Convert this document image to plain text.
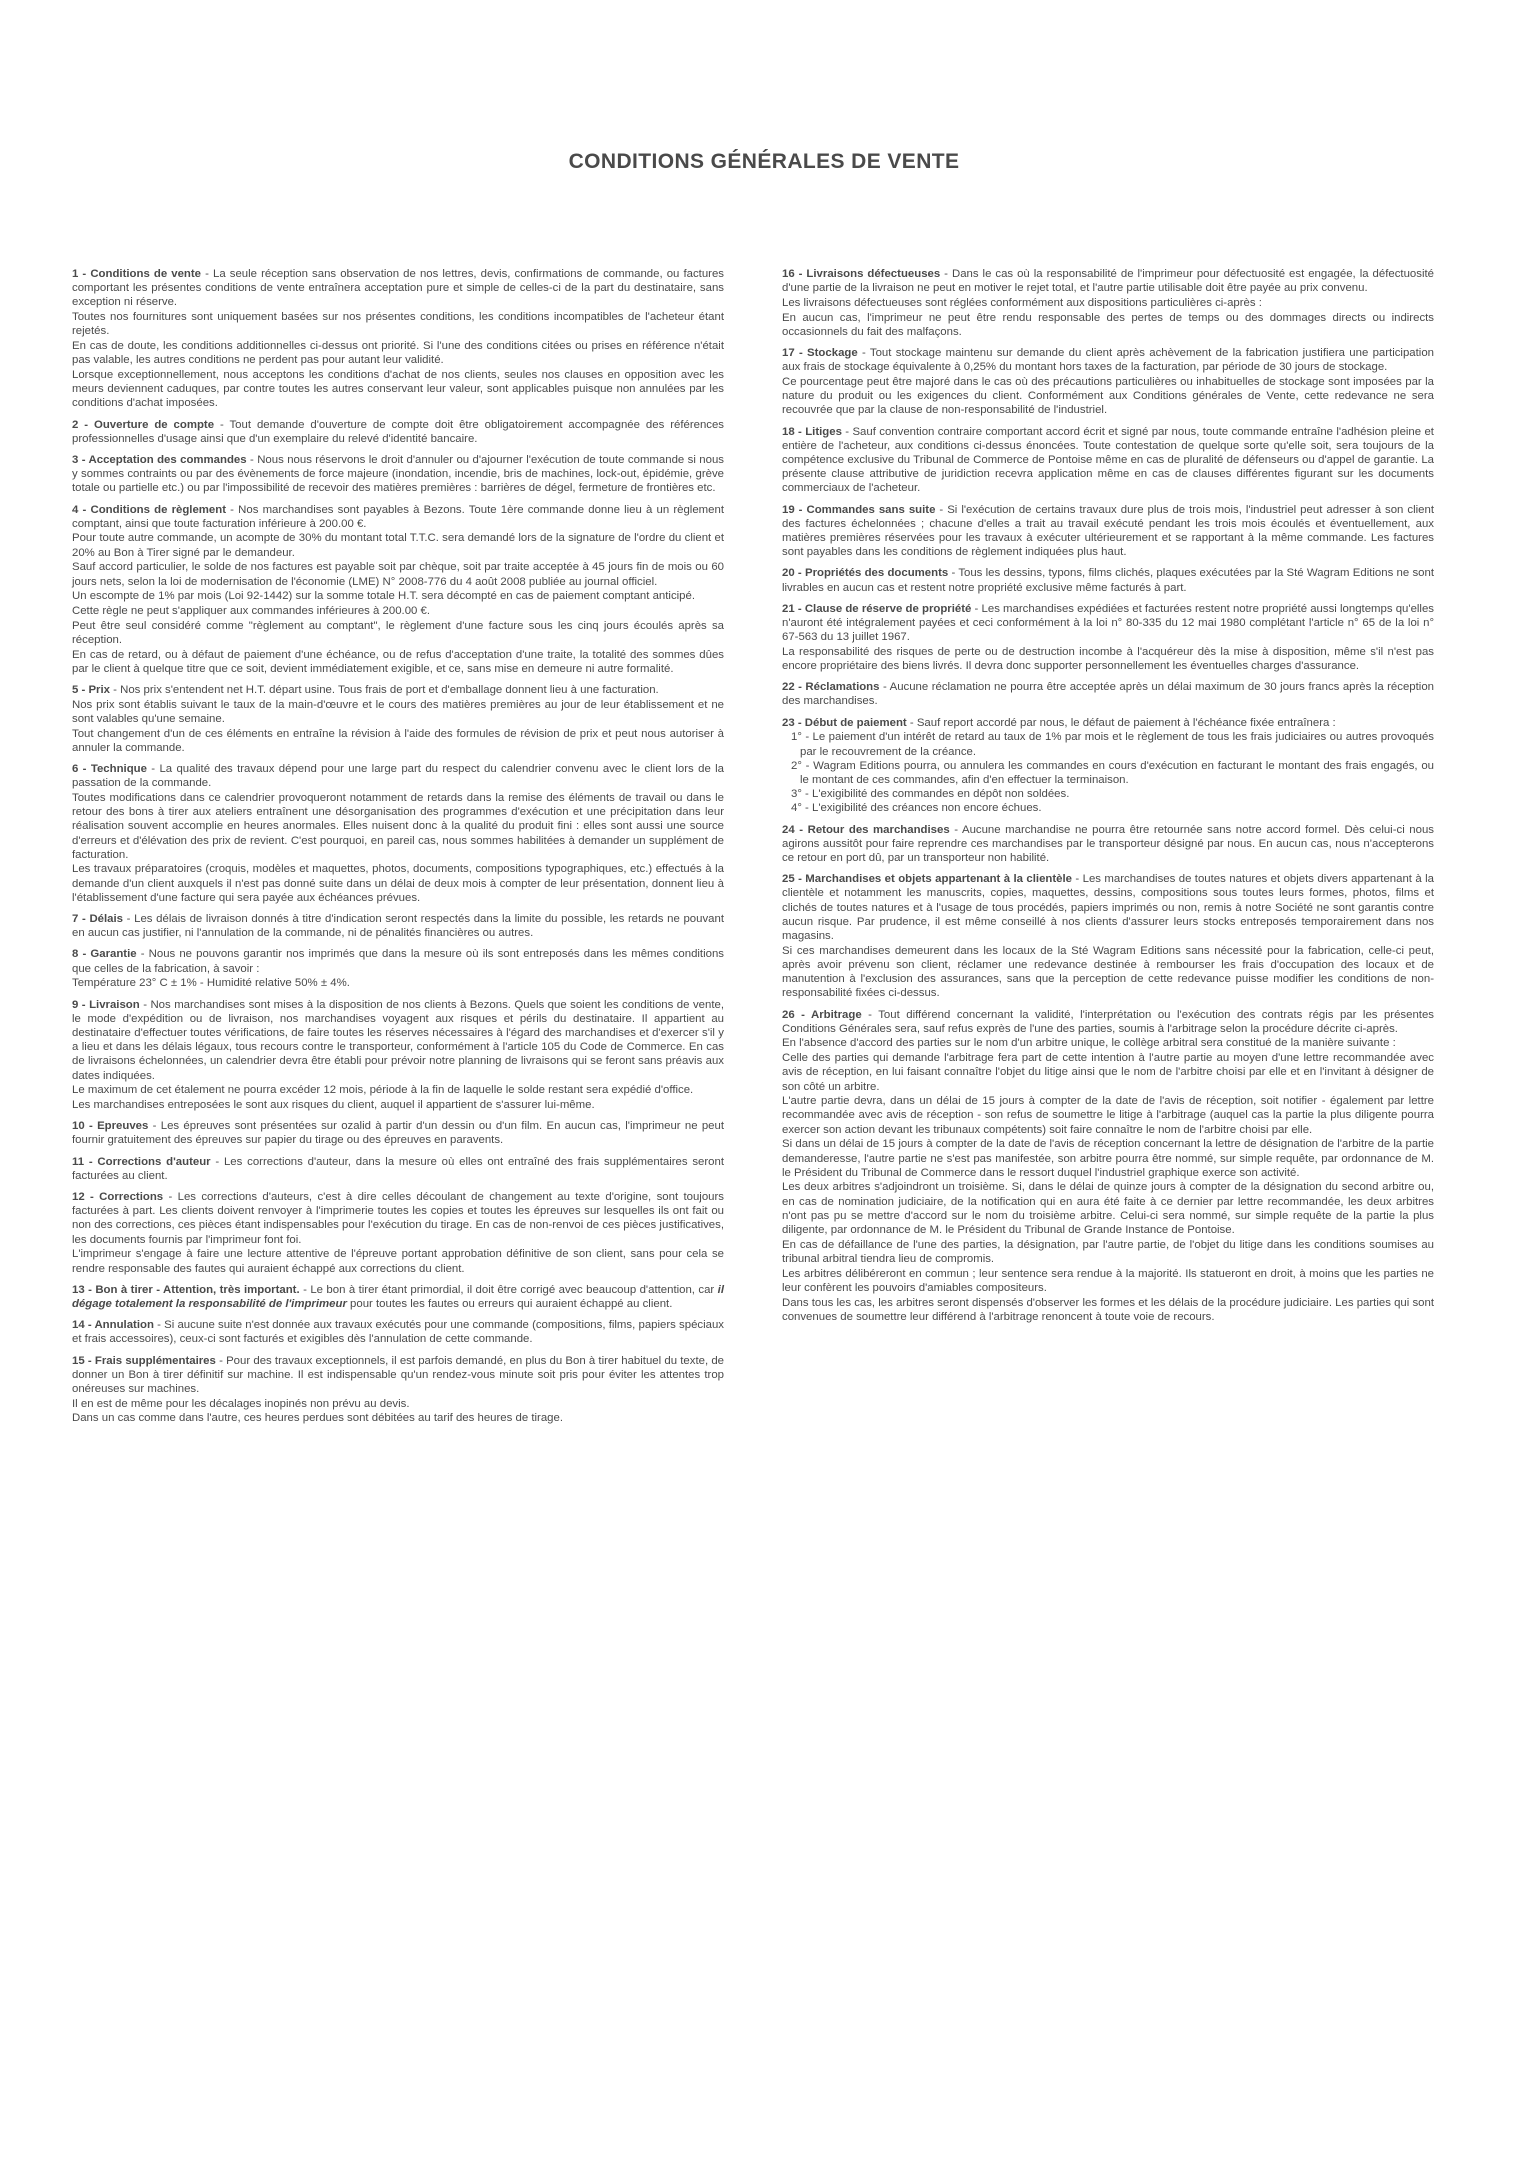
CONDITIONS GÉNÉRALES DE VENTE

1 - Conditions de vente - La seule réception sans observation de nos lettres, devis, confirmations de commande, ou factures comportant les présentes conditions de vente entraînera acceptation pure et simple de celles-ci de la part du destinataire, sans exception ni réserve.

Toutes nos fournitures sont uniquement basées sur nos présentes conditions, les conditions incompatibles de l'acheteur étant rejetés.

En cas de doute, les conditions additionnelles ci-dessus ont priorité. Si l'une des conditions citées ou prises en référence n'était pas valable, les autres conditions ne perdent pas pour autant leur validité.

Lorsque exceptionnellement, nous acceptons les conditions d'achat de nos clients, seules nos clauses en opposition avec les meurs deviennent caduques, par contre toutes les autres conservant leur valeur, sont applicables puisque non annulées par les conditions d'achat imposées.

2 - Ouverture de compte - Tout demande d'ouverture de compte doit être obligatoirement accompagnée des références professionnelles d'usage ainsi que d'un exemplaire du relevé d'identité bancaire.

3 - Acceptation des commandes - Nous nous réservons le droit d'annuler ou d'ajourner l'exécution de toute commande si nous y sommes contraints ou par des évènements de force majeure (inondation, incendie, bris de machines, lock-out, épidémie, grève totale ou partielle etc.) ou par l'impossibilité de recevoir des matières premières : barrières de dégel, fermeture de frontières etc.

4 - Conditions de règlement - Nos marchandises sont payables à Bezons. Toute 1ère commande donne lieu à un règlement comptant, ainsi que toute facturation inférieure à 200.00 €.

Pour toute autre commande, un acompte de 30% du montant total T.T.C. sera demandé lors de la signature de l'ordre du client et 20% au Bon à Tirer signé par le demandeur.

Sauf accord particulier, le solde de nos factures est payable soit par chèque, soit par traite acceptée à 45 jours fin de mois ou 60 jours nets, selon la loi de modernisation de l'économie (LME) N° 2008-776 du 4 août 2008 publiée au journal officiel.

Un escompte de 1% par mois (Loi 92-1442) sur la somme totale H.T. sera décompté en cas de paiement comptant anticipé.

Cette règle ne peut s'appliquer aux commandes inférieures à 200.00 €.

Peut être seul considéré comme "règlement au comptant", le règlement d'une facture sous les cinq jours écoulés après sa réception.

En cas de retard, ou à défaut de paiement d'une échéance, ou de refus d'acceptation d'une traite, la totalité des sommes dûes par le client à quelque titre que ce soit, devient immédiatement exigible, et ce, sans mise en demeure ni autre formalité.

5 - Prix - Nos prix s'entendent net H.T. départ usine. Tous frais de port et d'emballage donnent lieu à une facturation.

Nos prix sont établis suivant le taux de la main-d'œuvre et le cours des matières premières au jour de leur établissement et ne sont valables qu'une semaine.

Tout changement d'un de ces éléments en entraîne la révision à l'aide des formules de révision de prix et peut nous autoriser à annuler la commande.

6 - Technique - La qualité des travaux dépend pour une large part du respect du calendrier convenu avec le client lors de la passation de la commande.

Toutes modifications dans ce calendrier provoqueront notamment de retards dans la remise des éléments de travail ou dans le retour des bons à tirer aux ateliers entraînent une désorganisation des programmes d'exécution et une précipitation dans leur réalisation souvent accomplie en heures anormales. Elles nuisent donc à la qualité du produit fini : elles sont aussi une source d'erreurs et d'élévation des prix de revient. C'est pourquoi, en pareil cas, nous sommes habilitées à demander un supplément de facturation.

Les travaux préparatoires (croquis, modèles et maquettes, photos, documents, compositions typographiques, etc.) effectués à la demande d'un client auxquels il n'est pas donné suite dans un délai de deux mois à compter de leur présentation, donnent lieu à l'établissement d'une facture qui sera payée aux échéances prévues.

7 - Délais - Les délais de livraison donnés à titre d'indication seront respectés dans la limite du possible, les retards ne pouvant en aucun cas justifier, ni l'annulation de la commande, ni de pénalités financières ou autres.

8 - Garantie - Nous ne pouvons garantir nos imprimés que dans la mesure où ils sont entreposés dans les mêmes conditions que celles de la fabrication, à savoir :

Température 23° C ± 1% - Humidité relative 50% ± 4%.

9 - Livraison - Nos marchandises sont mises à la disposition de nos clients à Bezons. Quels que soient les conditions de vente, le mode d'expédition ou de livraison, nos marchandises voyagent aux risques et périls du destinataire. Il appartient au destinataire d'effectuer toutes vérifications, de faire toutes les réserves nécessaires à l'égard des marchandises et d'exercer s'il y a lieu et dans les délais légaux, tous recours contre le transporteur, conformément à l'article 105 du Code de Commerce. En cas de livraisons échelonnées, un calendrier devra être établi pour prévoir notre planning de livraisons qui se feront sans préavis aux dates indiquées.

Le maximum de cet étalement ne pourra excéder 12 mois, période à la fin de laquelle le solde restant sera expédié d'office.

Les marchandises entreposées le sont aux risques du client, auquel il appartient de s'assurer lui-même.

10 - Epreuves - Les épreuves sont présentées sur ozalid à partir d'un dessin ou d'un film. En aucun cas, l'imprimeur ne peut fournir gratuitement des épreuves sur papier du tirage ou des épreuves en paravents.

11 - Corrections d'auteur - Les corrections d'auteur, dans la mesure où elles ont entraîné des frais supplémentaires seront facturées au client.

12 - Corrections - Les corrections d'auteurs, c'est à dire celles découlant de changement au texte d'origine, sont toujours facturées à part. Les clients doivent renvoyer à l'imprimerie toutes les copies et toutes les épreuves sur lesquelles ils ont fait ou non des corrections, ces pièces étant indispensables pour l'exécution du tirage. En cas de non-renvoi de ces pièces justificatives, les documents fournis par l'imprimeur font foi.

L'imprimeur s'engage à faire une lecture attentive de l'épreuve portant approbation définitive de son client, sans pour cela se rendre responsable des fautes qui auraient échappé aux corrections du client.

13 - Bon à tirer - Attention, très important. - Le bon à tirer étant primordial, il doit être corrigé avec beaucoup d'attention, car il dégage totalement la responsabilité de l'imprimeur pour toutes les fautes ou erreurs qui auraient échappé au client.

14 - Annulation - Si aucune suite n'est donnée aux travaux exécutés pour une commande (compositions, films, papiers spéciaux et frais accessoires), ceux-ci sont facturés et exigibles dès l'annulation de cette commande.

15 - Frais supplémentaires - Pour des travaux exceptionnels, il est parfois demandé, en plus du Bon à tirer habituel du texte, de donner un Bon à tirer définitif sur machine. Il est indispensable qu'un rendez-vous minute soit pris pour éviter les attentes trop onéreuses sur machines.

Il en est de même pour les décalages inopinés non prévu au devis.

Dans un cas comme dans l'autre, ces heures perdues sont débitées au tarif des heures de tirage.

16 - Livraisons défectueuses - Dans le cas où la responsabilité de l'imprimeur pour défectuosité est engagée, la défectuosité d'une partie de la livraison ne peut en motiver le rejet total, et l'autre partie utilisable doit être payée au prix convenu.

Les livraisons défectueuses sont réglées conformément aux dispositions particulières ci-après :

En aucun cas, l'imprimeur ne peut être rendu responsable des pertes de temps ou des dommages directs ou indirects occasionnels du fait des malfaçons.

17 - Stockage - Tout stockage maintenu sur demande du client après achèvement de la fabrication justifiera une participation aux frais de stockage équivalente à 0,25% du montant hors taxes de la facturation, par période de 30 jours de stockage.

Ce pourcentage peut être majoré dans le cas où des précautions particulières ou inhabituelles de stockage sont imposées par la nature du produit ou les exigences du client. Conformément aux Conditions générales de Vente, cette redevance ne sera recouvrée que par la clause de non-responsabilité de l'industriel.

18 - Litiges - Sauf convention contraire comportant accord écrit et signé par nous, toute commande entraîne l'adhésion pleine et entière de l'acheteur, aux conditions ci-dessus énoncées. Toute contestation de quelque sorte qu'elle soit, sera toujours de la compétence exclusive du Tribunal de Commerce de Pontoise même en cas de pluralité de défenseurs ou d'appel de garantie. La présente clause attributive de juridiction recevra application même en cas de clauses différentes figurant sur les documents commerciaux de l'acheteur.

19 - Commandes sans suite - Si l'exécution de certains travaux dure plus de trois mois, l'industriel peut adresser à son client des factures échelonnées ; chacune d'elles a trait au travail exécuté pendant les trois mois écoulés et éventuellement, aux matières premières réservées pour les travaux à exécuter ultérieurement et se rapportant à la même commande. Les factures sont payables dans les conditions de règlement indiquées plus haut.

20 - Propriétés des documents - Tous les dessins, typons, films clichés, plaques exécutées par la Sté Wagram Editions ne sont livrables en aucun cas et restent notre propriété exclusive même facturés à part.

21 - Clause de réserve de propriété - Les marchandises expédiées et facturées restent notre propriété aussi longtemps qu'elles n'auront été intégralement payées et ceci conformément à la loi n° 80-335 du 12 mai 1980 complétant l'article n° 65 de la loi n° 67-563 du 13 juillet 1967.

La responsabilité des risques de perte ou de destruction incombe à l'acquéreur dès la mise à disposition, même s'il n'est pas encore propriétaire des biens livrés. Il devra donc supporter personnellement les éventuelles charges d'assurance.

22 - Réclamations - Aucune réclamation ne pourra être acceptée après un délai maximum de 30 jours francs après la réception des marchandises.

23 - Début de paiement - Sauf report accordé par nous, le défaut de paiement à l'échéance fixée entraînera :

1° - Le paiement d'un intérêt de retard au taux de 1% par mois et le règlement de tous les frais judiciaires ou autres provoqués par le recouvrement de la créance.

2° - Wagram Editions pourra, ou annulera les commandes en cours d'exécution en facturant le montant des frais engagés, ou le montant de ces commandes, afin d'en effectuer la terminaison.

3° - L'exigibilité des commandes en dépôt non soldées.

4° - L'exigibilité des créances non encore échues.

24 - Retour des marchandises - Aucune marchandise ne pourra être retournée sans notre accord formel. Dès celui-ci nous agirons aussitôt pour faire reprendre ces marchandises par le transporteur désigné par nous. En aucun cas, nous n'accepterons ce retour en port dû, par un transporteur non habilité.

25 - Marchandises et objets appartenant à la clientèle - Les marchandises de toutes natures et objets divers appartenant à la clientèle et notamment les manuscrits, copies, maquettes, dessins, compositions sous toutes leurs formes, photos, films et clichés de toutes natures et à l'usage de tous procédés, papiers imprimés ou non, remis à notre Société ne sont garantis contre aucun risque. Par prudence, il est même conseillé à nos clients d'assurer leurs stocks entreposés temporairement dans nos magasins.

Si ces marchandises demeurent dans les locaux de la Sté Wagram Editions sans nécessité pour la fabrication, celle-ci peut, après avoir prévenu son client, réclamer une redevance destinée à rembourser les frais d'occupation des locaux et de manutention à l'exclusion des assurances, sans que la perception de cette redevance puisse modifier les conditions de non-responsabilité fixées ci-dessus.

26 - Arbitrage - Tout différend concernant la validité, l'interprétation ou l'exécution des contrats régis par les présentes Conditions Générales sera, sauf refus exprès de l'une des parties, soumis à l'arbitrage selon la procédure décrite ci-après.

En l'absence d'accord des parties sur le nom d'un arbitre unique, le collège arbitral sera constitué de la manière suivante :

Celle des parties qui demande l'arbitrage fera part de cette intention à l'autre partie au moyen d'une lettre recommandée avec avis de réception, en lui faisant connaître l'objet du litige ainsi que le nom de l'arbitre choisi par elle et en l'invitant à désigner de son côté un arbitre.

L'autre partie devra, dans un délai de 15 jours à compter de la date de l'avis de réception, soit notifier - également par lettre recommandée avec avis de réception - son refus de soumettre le litige à l'arbitrage (auquel cas la partie la plus diligente pourra exercer son action devant les tribunaux compétents) soit faire connaître le nom de l'arbitre choisi par elle.

Si dans un délai de 15 jours à compter de la date de l'avis de réception concernant la lettre de désignation de l'arbitre de la partie demanderesse, l'autre partie ne s'est pas manifestée, son arbitre pourra être nommé, sur simple requête, par ordonnance de M. le Président du Tribunal de Commerce dans le ressort duquel l'industriel graphique exerce son activité.

Les deux arbitres s'adjoindront un troisième. Si, dans le délai de quinze jours à compter de la désignation du second arbitre ou, en cas de nomination judiciaire, de la notification qui en aura été faite à ce dernier par lettre recommandée, les deux arbitres n'ont pas pu se mettre d'accord sur le nom du troisième arbitre. Celui-ci sera nommé, sur simple requête de la partie la plus diligente, par ordonnance de M. le Président du Tribunal de Grande Instance de Pontoise.

En cas de défaillance de l'une des parties, la désignation, par l'autre partie, de l'objet du litige dans les conditions soumises au tribunal arbitral tiendra lieu de compromis.

Les arbitres délibéreront en commun ; leur sentence sera rendue à la majorité. Ils statueront en droit, à moins que les parties ne leur confèrent les pouvoirs d'amiables compositeurs.

Dans tous les cas, les arbitres seront dispensés d'observer les formes et les délais de la procédure judiciaire. Les parties qui sont convenues de soumettre leur différend à l'arbitrage renoncent à toute voie de recours.
